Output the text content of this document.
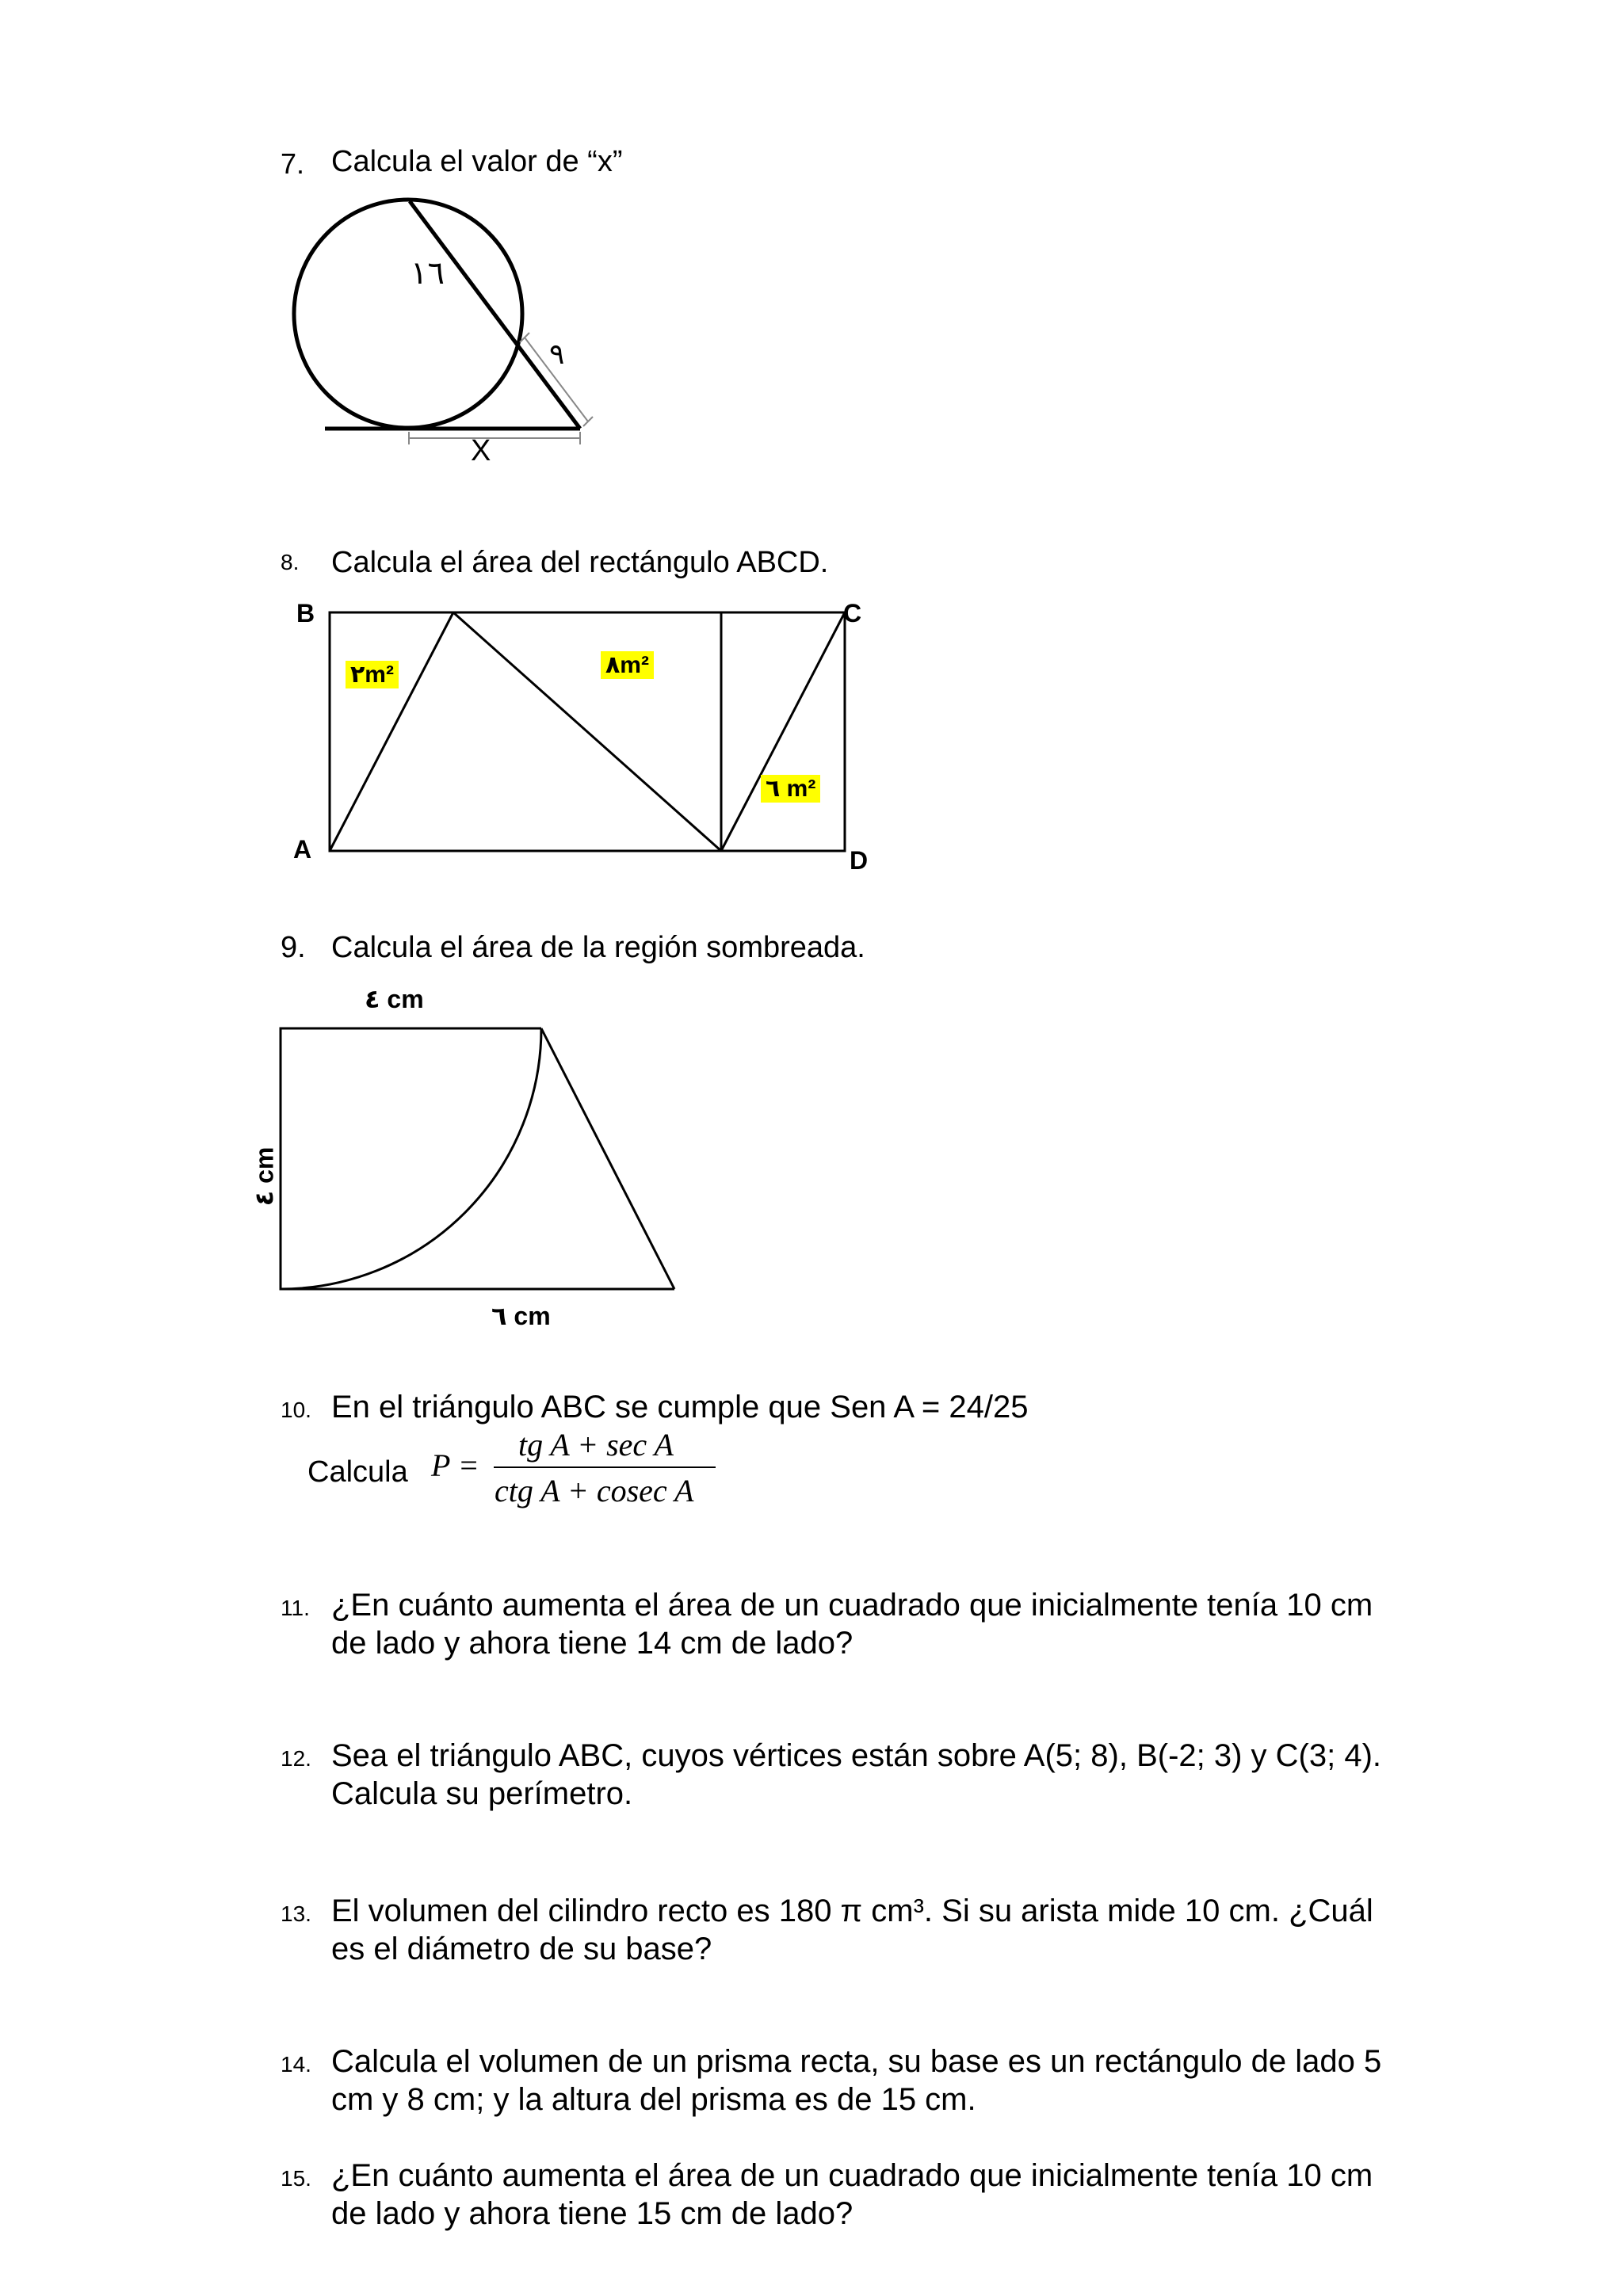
7. Calcula el valor de “x”
١٦
٩
X
8. Calcula el área del rectángulo ABCD.
B	C
A	D
٢m²	٨m²
٦ m²
9. Calcula el área de la región sombreada.
٤ cm
٤ cm
٦ cm
10. En el triángulo ABC se cumple que Sen A = 24/25
Calcula P =
tg A + sec A
ctg A + cosec A
11. ¿En cuánto aumenta el área de un cuadrado que inicialmente tenía 10 cm
de lado y ahora tiene 14 cm de lado?
12. Sea el triángulo ABC, cuyos vértices están sobre A(5; 8), B(-2; 3) y C(3; 4).
Calcula su perímetro.
13. El volumen del cilindro recto es 180 π cm³. Si su arista mide 10 cm. ¿Cuál
es el diámetro de su base?
14. Calcula el volumen de un prisma recta, su base es un rectángulo de lado 5
cm y 8 cm; y la altura del prisma es de 15 cm.
15. ¿En cuánto aumenta el área de un cuadrado que inicialmente tenía 10 cm
de lado y ahora tiene 15 cm de lado?
